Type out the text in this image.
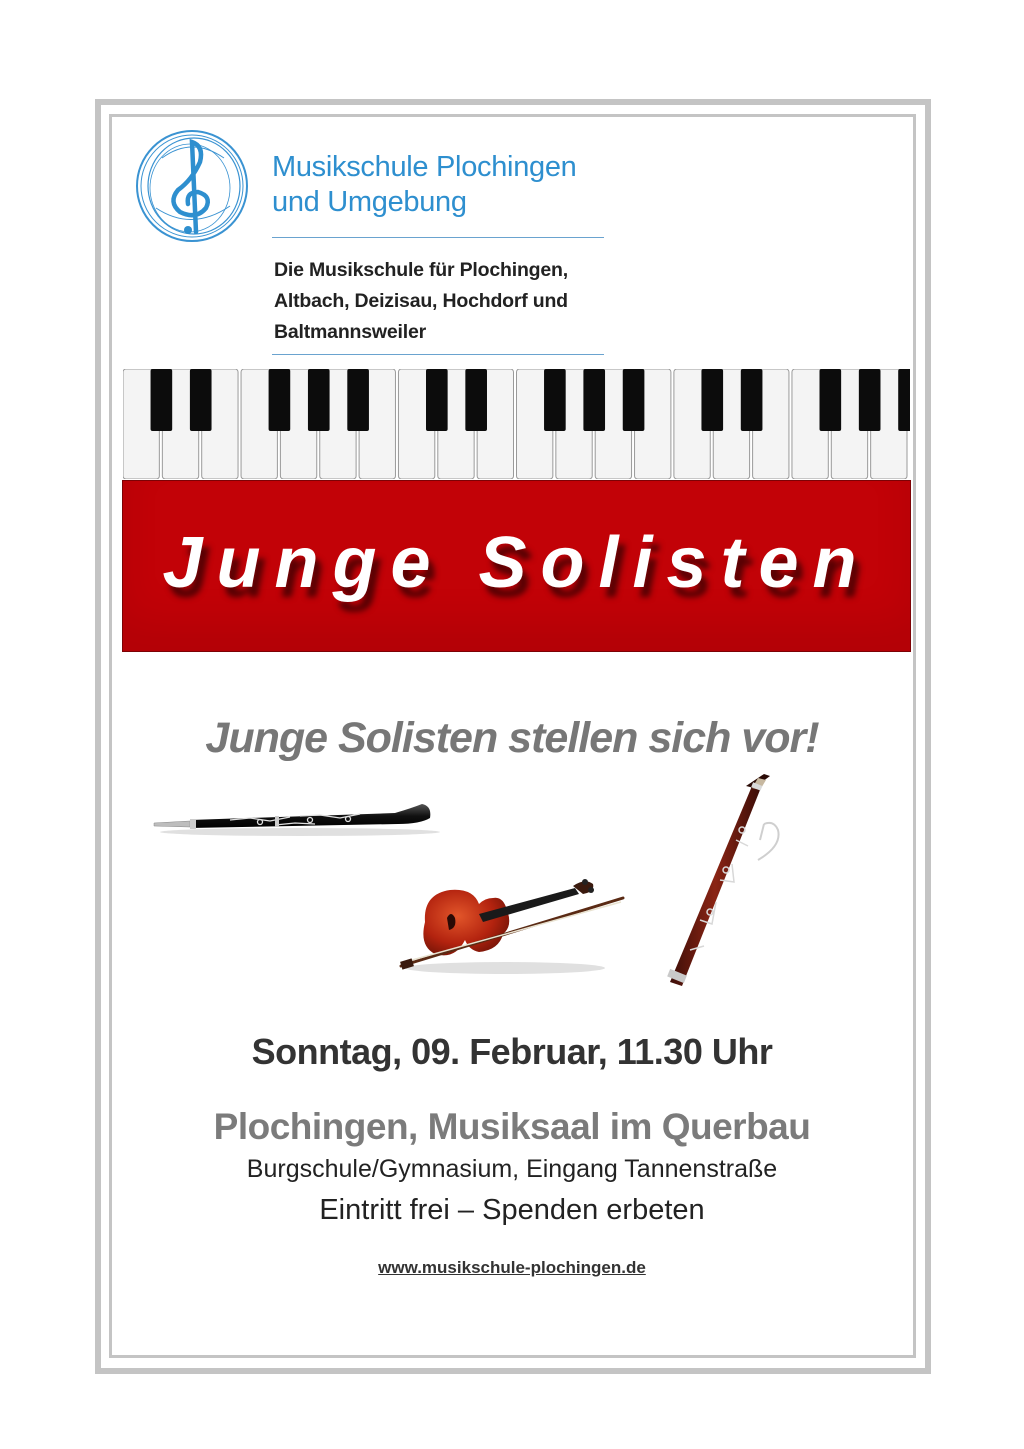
Musikschule Plochingen
und Umgebung
Die Musikschule für Plochingen,
Altbach, Deizisau, Hochdorf und
Baltmannsweiler
Junge Solisten
Junge Solisten stellen sich vor!
Sonntag, 09. Februar, 11.30 Uhr
Plochingen, Musiksaal im Querbau
Burgschule/Gymnasium, Eingang Tannenstraße
Eintritt frei – Spenden erbeten
www.musikschule-plochingen.de
